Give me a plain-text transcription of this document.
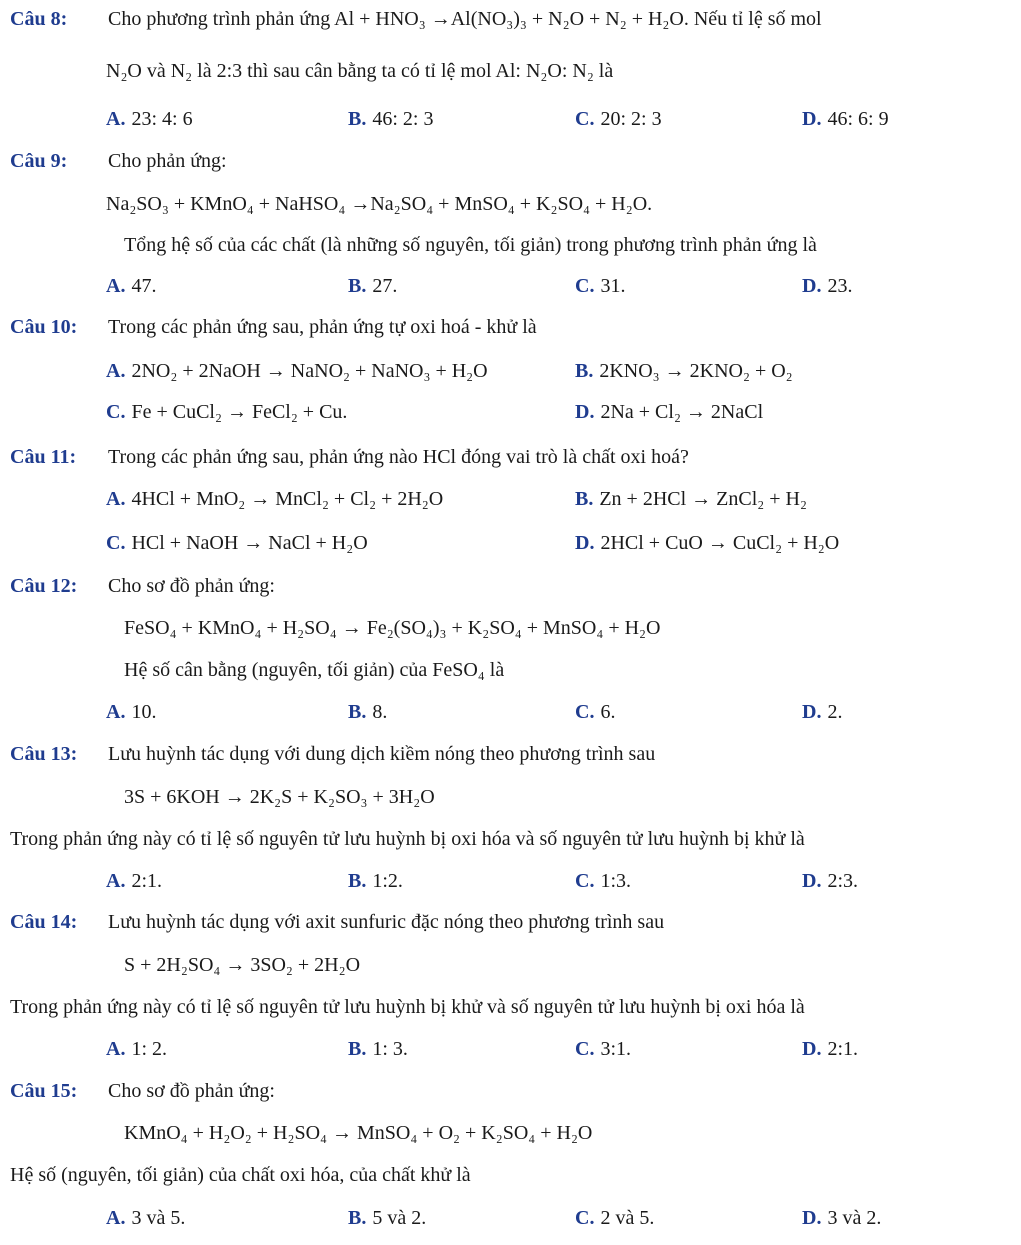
Câu 8: Cho phương trình phản ứng Al + HNO₃ →Al(NO₃)₃ + N₂O + N₂ + H₂O. Nếu tỉ lệ số mol
N₂O và N₂ là 2:3 thì sau cân bằng ta có tỉ lệ mol Al: N₂O: N₂ là
A. 23: 4: 6	B. 46: 2: 3	C. 20: 2: 3	D. 46: 6: 9
Câu 9: Cho phản ứng:
Na₂SO₃ + KMnO₄ + NaHSO₄ →Na₂SO₄ + MnSO₄ + K₂SO₄ + H₂O.
Tổng hệ số của các chất (là những số nguyên, tối giản) trong phương trình phản ứng là
A. 47.	B. 27.	C. 31.	D. 23.
Câu 10: Trong các phản ứng sau, phản ứng tự oxi hoá - khử là
A. 2NO₂ + 2NaOH → NaNO₂ + NaNO₃ + H₂O	B. 2KNO₃ → 2KNO₂ + O₂
C. Fe + CuCl₂ → FeCl₂ + Cu.	D. 2Na + Cl₂ → 2NaCl
Câu 11: Trong các phản ứng sau, phản ứng nào HCl đóng vai trò là chất oxi hoá?
A. 4HCl + MnO₂ → MnCl₂ + Cl₂ + 2H₂O	B. Zn + 2HCl → ZnCl₂ + H₂
C. HCl + NaOH → NaCl + H₂O	D. 2HCl + CuO → CuCl₂ + H₂O
Câu 12: Cho sơ đồ phản ứng:
FeSO₄ + KMnO₄ + H₂SO₄ → Fe₂(SO₄)₃ + K₂SO₄ + MnSO₄ + H₂O
Hệ số cân bằng (nguyên, tối giản) của FeSO₄ là
A. 10.	B. 8.	C. 6.	D. 2.
Câu 13: Lưu huỳnh tác dụng với dung dịch kiềm nóng theo phương trình sau
3S + 6KOH → 2K₂S + K₂SO₃ + 3H₂O
Trong phản ứng này có tỉ lệ số nguyên tử lưu huỳnh bị oxi hóa và số nguyên tử lưu huỳnh bị khử là
A. 2:1.	B. 1:2.	C. 1:3.	D. 2:3.
Câu 14: Lưu huỳnh tác dụng với axit sunfuric đặc nóng theo phương trình sau
S + 2H₂SO₄ → 3SO₂ + 2H₂O
Trong phản ứng này có tỉ lệ số nguyên tử lưu huỳnh bị khử và số nguyên tử lưu huỳnh bị oxi hóa là
A. 1: 2.	B. 1: 3.	C. 3:1.	D. 2:1.
Câu 15: Cho sơ đồ phản ứng:
KMnO₄ + H₂O₂ + H₂SO₄ → MnSO₄ + O₂ + K₂SO₄ + H₂O
Hệ số (nguyên, tối giản) của chất oxi hóa, của chất khử là
A. 3 và 5.	B. 5 và 2.	C. 2 và 5.	D. 3 và 2.
